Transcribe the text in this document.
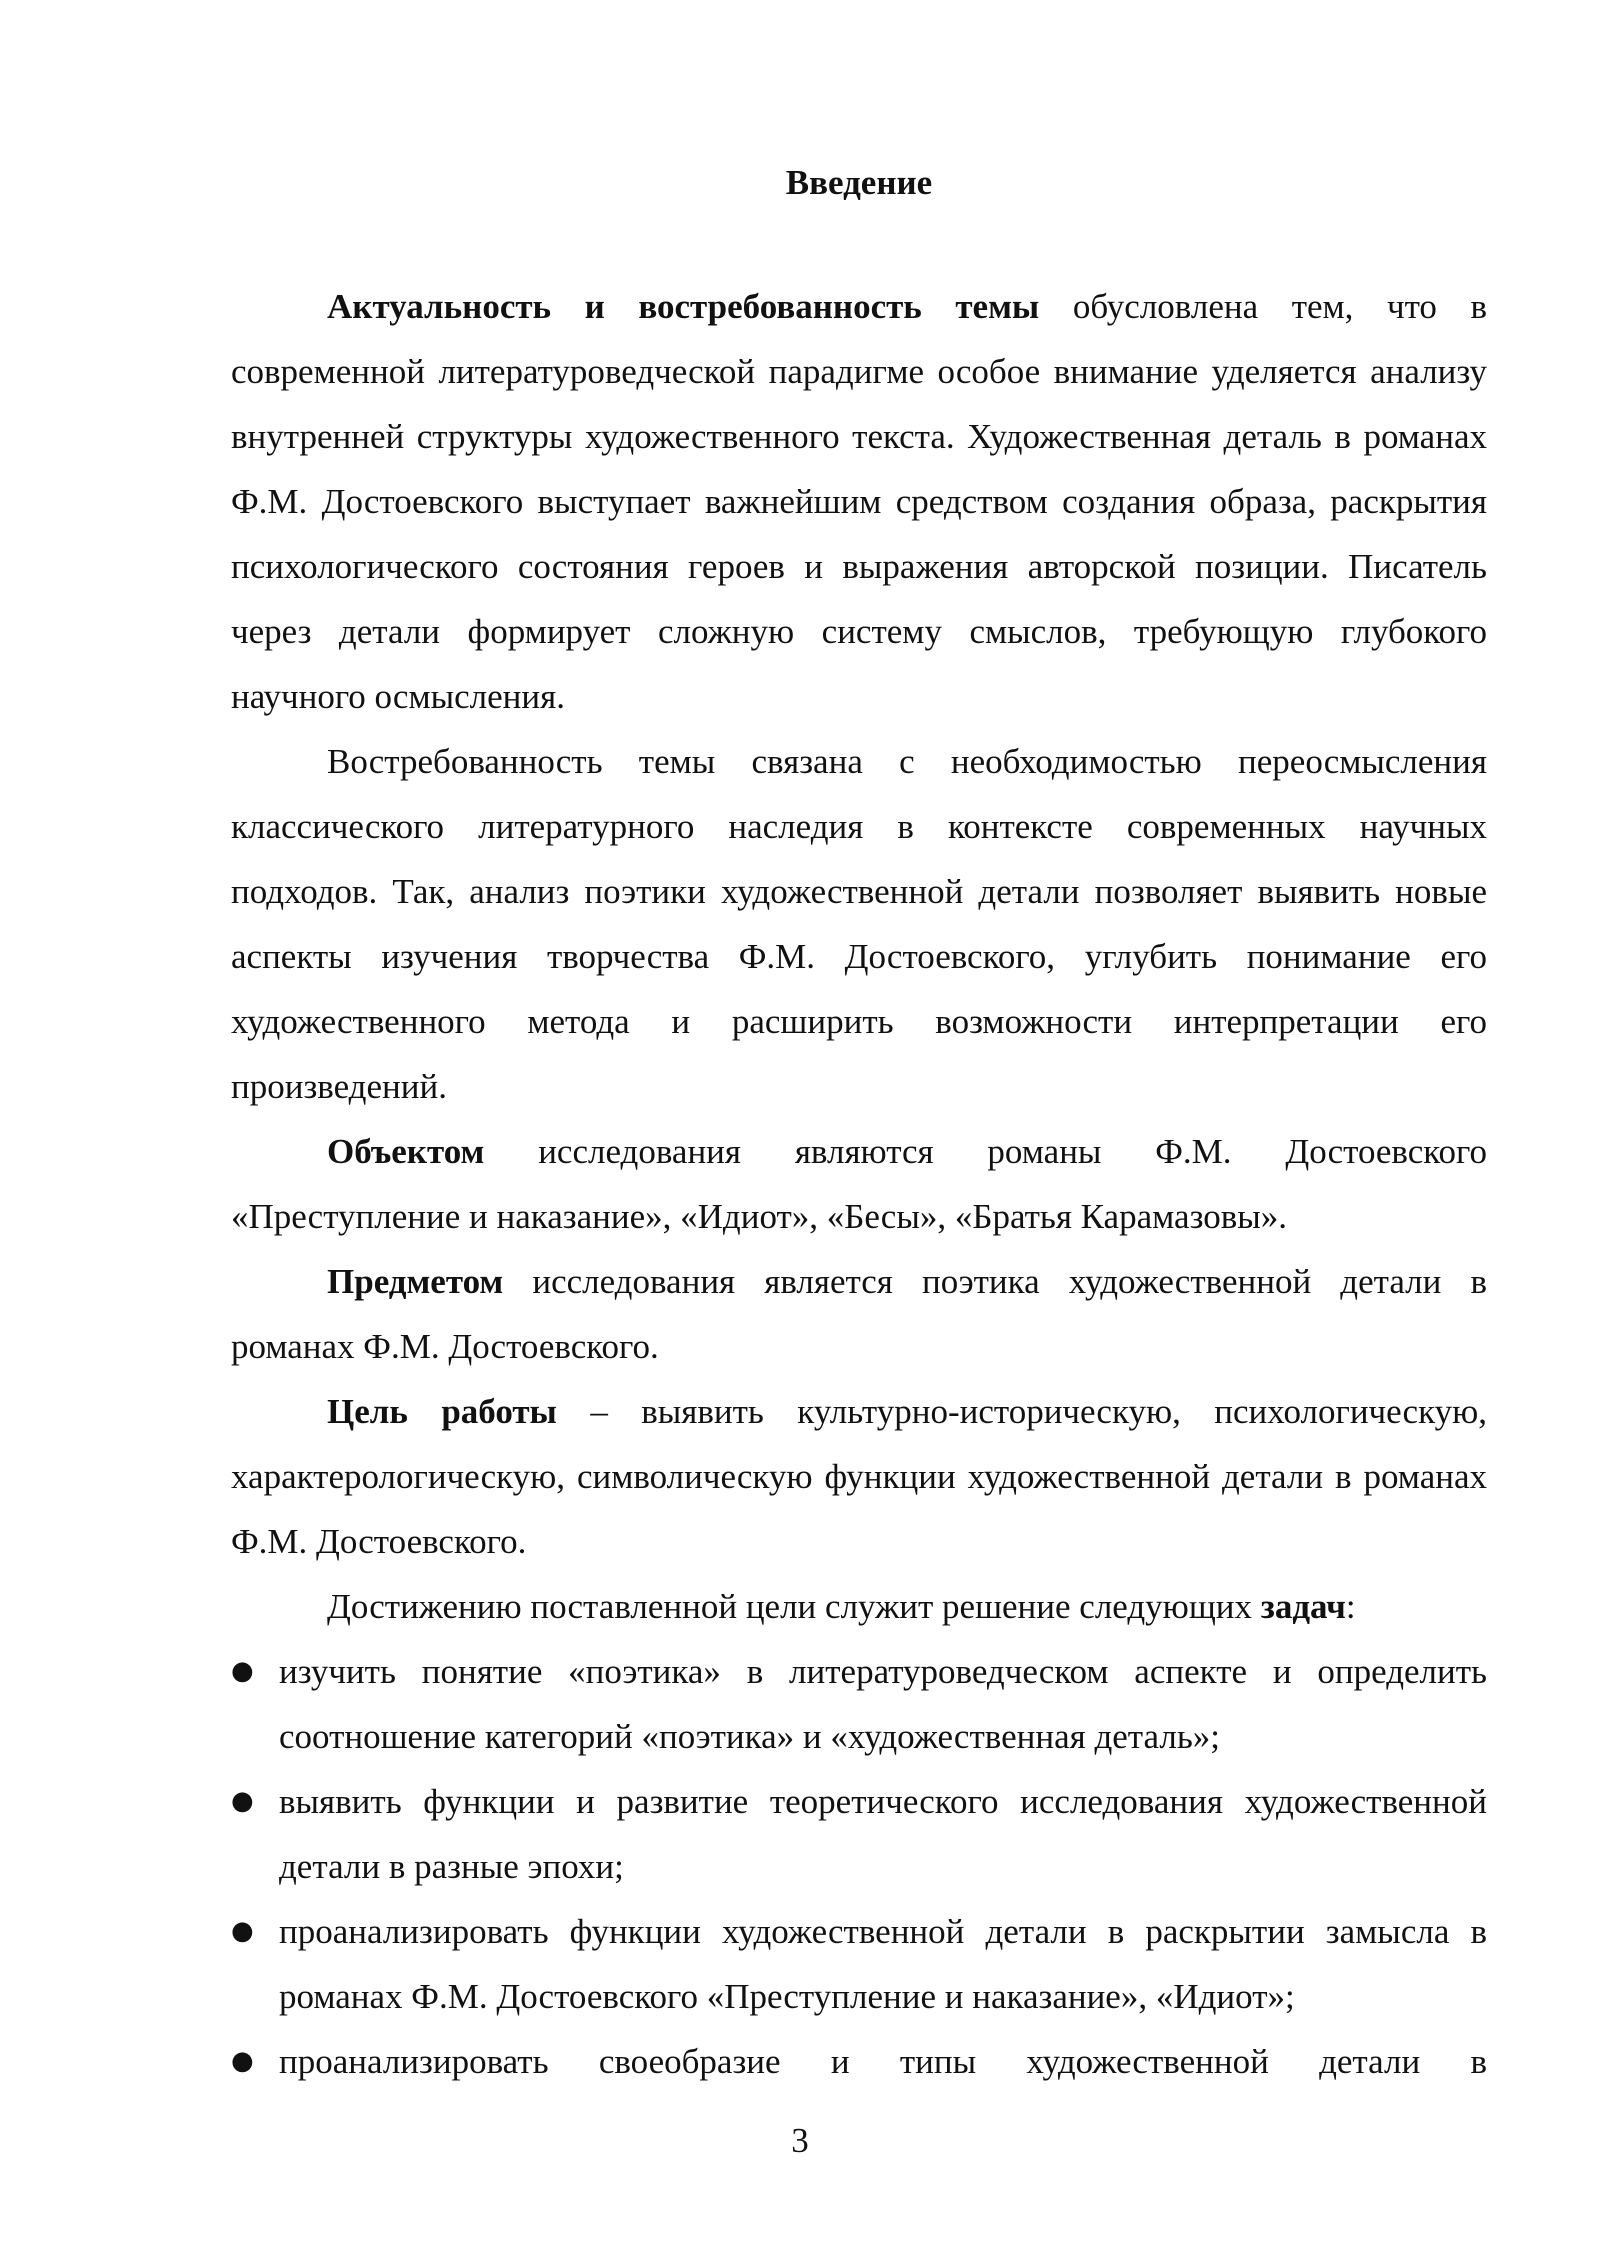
Введение

Актуальность и востребованность темы обусловлена тем, что в современной литературоведческой парадигме особое внимание уделяется анализу внутренней структуры художественного текста. Художественная деталь в романах Ф.М. Достоевского выступает важнейшим средством создания образа, раскрытия психологического состояния героев и выражения авторской позиции. Писатель через детали формирует сложную систему смыслов, требующую глубокого научного осмысления.

Востребованность темы связана с необходимостью переосмысления классического литературного наследия в контексте современных научных подходов. Так, анализ поэтики художественной детали позволяет выявить новые аспекты изучения творчества Ф.М. Достоевского, углубить понимание его художественного метода и расширить возможности интерпретации его произведений.

Объектом исследования являются романы Ф.М. Достоевского «Преступление и наказание», «Идиот», «Бесы», «Братья Карамазовы».

Предметом исследования является поэтика художественной детали в романах Ф.М. Достоевского.

Цель работы – выявить культурно-историческую, психологическую, характерологическую, символическую функции художественной детали в романах Ф.М. Достоевского.

Достижению поставленной цели служит решение следующих задач:

● изучить понятие «поэтика» в литературоведческом аспекте и определить соотношение категорий «поэтика» и «художественная деталь»;
● выявить функции и развитие теоретического исследования художественной детали в разные эпохи;
● проанализировать функции художественной детали в раскрытии замысла в романах Ф.М. Достоевского «Преступление и наказание», «Идиот»;
● проанализировать своеобразие и типы художественной детали в
3
